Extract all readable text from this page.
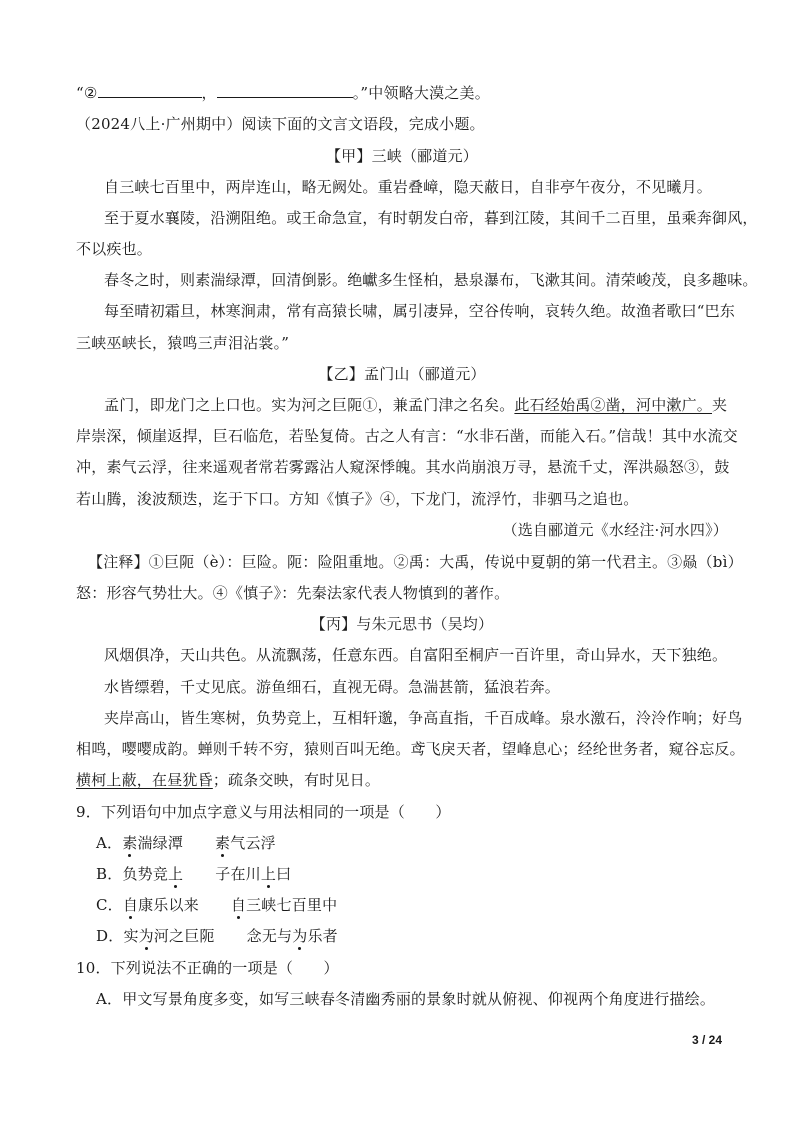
“②	，	。”中领略大漠之美。
（2024八上·广州期中）阅读下面的文言文语段，完成小题。
【甲】三峡（郦道元）
自三峡七百里中，两岸连山，略无阙处。重岩叠嶂，隐天蔽日，自非亭午夜分，不见曦月。
至于夏水襄陵，沿溯阻绝。或王命急宣，有时朝发白帝，暮到江陵，其间千二百里，虽乘奔御风，
不以疾也。
春冬之时，则素湍绿潭，回清倒影。绝巘多生怪柏，悬泉瀑布，飞漱其间。清荣峻茂，良多趣味。
每至晴初霜旦，林寒涧肃，常有高猿长啸，属引凄异，空谷传响，哀转久绝。故渔者歌曰“巴东
三峡巫峡长，猿鸣三声泪沾裳。”
【乙】孟门山（郦道元）
孟门，即龙门之上口也。实为河之巨阨①，兼孟门津之名矣。此石经始禹②凿，河中漱广。夹
岸崇深，倾崖返捍，巨石临危，若坠复倚。古之人有言：“水非石凿，而能入石。”信哉！其中水流交
冲，素气云浮，往来遥观者常若雾露沾人窥深悸魄。其水尚崩浪万寻，悬流千丈，浑洪赑怒③，鼓
若山腾，浚波颓迭，迄于下口。方知《慎子》④，下龙门，流浮竹，非驷马之追也。
（选自郦道元《水经注·河水四》）
【注释】①巨阨（è）：巨险。阨：险阻重地。②禹：大禹，传说中夏朝的第一代君主。③赑（bì）
怒：形容气势壮大。④《慎子》：先秦法家代表人物慎到的著作。
【丙】与朱元思书（吴均）
风烟俱净，天山共色。从流飘荡，任意东西。自富阳至桐庐一百许里，奇山异水，天下独绝。
水皆缥碧，千丈见底。游鱼细石，直视无碍。急湍甚箭，猛浪若奔。
夹岸高山，皆生寒树，负势竞上，互相轩邈，争高直指，千百成峰。泉水激石，泠泠作响；好鸟
相鸣，嘤嘤成韵。蝉则千转不穷，猿则百叫无绝。鸢飞戾天者，望峰息心；经纶世务者，窥谷忘反。
横柯上蔽，在昼犹昏；疏条交映，有时见日。
9．下列语句中加点字意义与用法相同的一项是（　　）
A．素湍绿潭 素气云浮
B．负势竞上 子在川上曰
C．自康乐以来 自三峡七百里中
D．实为河之巨阨 念无与为乐者
10．下列说法不正确的一项是（　　）
A．甲文写景角度多变，如写三峡春冬清幽秀丽的景象时就从俯视、仰视两个角度进行描绘。
3 / 24
